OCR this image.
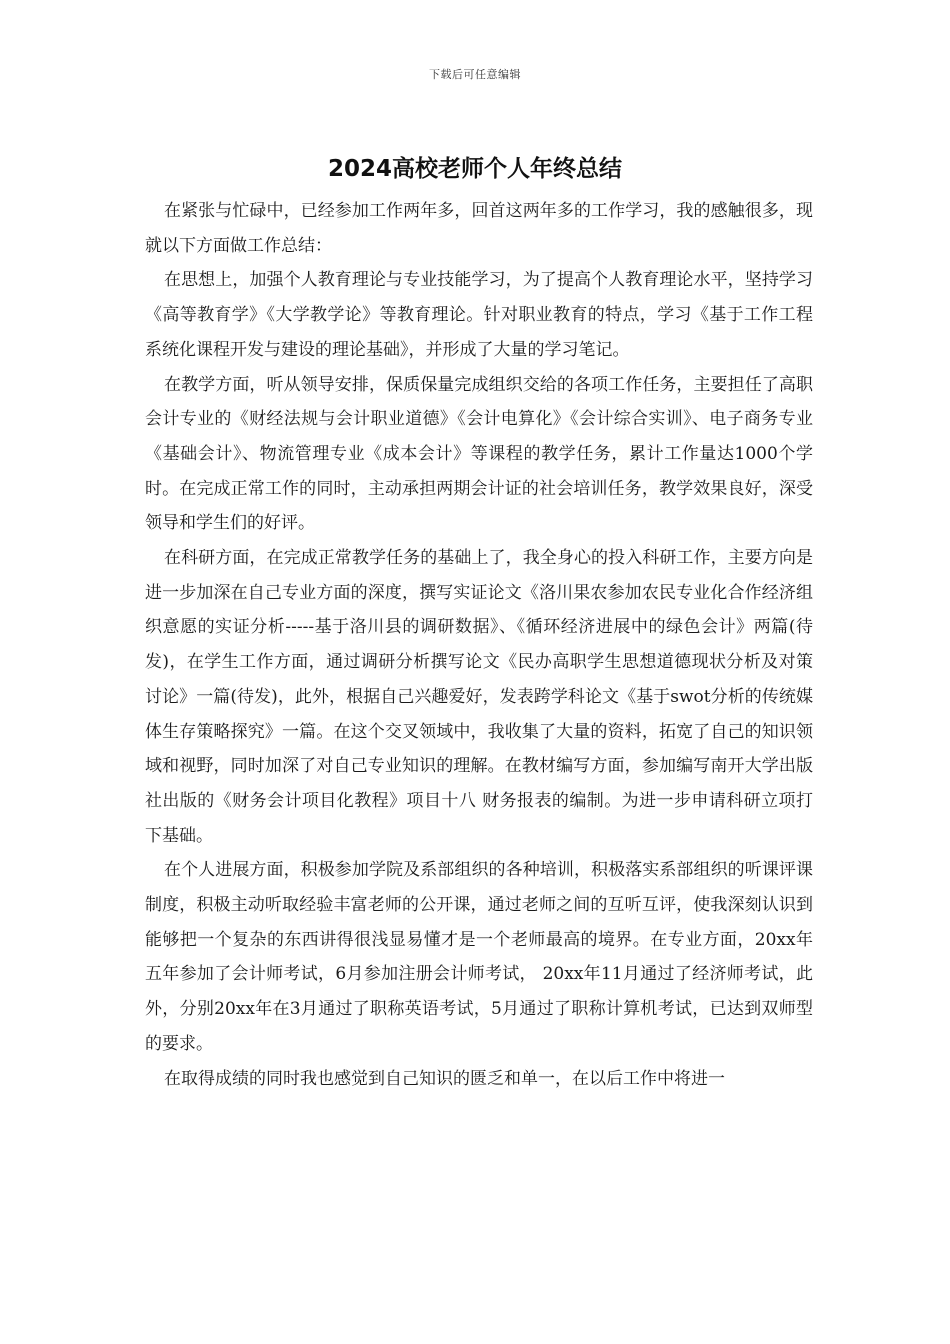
下载后可任意编辑
2024高校老师个人年终总结

在紧张与忙碌中，已经参加工作两年多，回首这两年多的工作学习，我的感触很多，现就以下方面做工作总结：

在思想上，加强个人教育理论与专业技能学习，为了提高个人教育理论水平，坚持学习《高等教育学》《大学教学论》等教育理论。针对职业教育的特点，学习《基于工作工程系统化课程开发与建设的理论基础》，并形成了大量的学习笔记。

在教学方面，听从领导安排，保质保量完成组织交给的各项工作任务，主要担任了高职会计专业的《财经法规与会计职业道德》《会计电算化》《会计综合实训》、电子商务专业《基础会计》、物流管理专业《成本会计》等课程的教学任务，累计工作量达1000个学时。在完成正常工作的同时，主动承担两期会计证的社会培训任务，教学效果良好，深受领导和学生们的好评。

在科研方面，在完成正常教学任务的基础上了，我全身心的投入科研工作，主要方向是进一步加深在自己专业方面的深度，撰写实证论文《洛川果农参加农民专业化合作经济组织意愿的实证分析-----基于洛川县的调研数据》、《循环经济进展中的绿色会计》两篇(待发)，在学生工作方面，通过调研分析撰写论文《民办高职学生思想道德现状分析及对策讨论》一篇(待发)，此外，根据自己兴趣爱好，发表跨学科论文《基于swot分析的传统媒体生存策略探究》一篇。在这个交叉领域中，我收集了大量的资料，拓宽了自己的知识领域和视野，同时加深了对自己专业知识的理解。在教材编写方面，参加编写南开大学出版社出版的《财务会计项目化教程》项目十八 财务报表的编制。为进一步申请科研立项打下基础。

在个人进展方面，积极参加学院及系部组织的各种培训，积极落实系部组织的听课评课制度，积极主动听取经验丰富老师的公开课，通过老师之间的互听互评，使我深刻认识到能够把一个复杂的东西讲得很浅显易懂才是一个老师最高的境界。在专业方面，20xx年五年参加了会计师考试，6月参加注册会计师考试， 20xx年11月通过了经济师考试，此外，分别20xx年在3月通过了职称英语考试，5月通过了职称计算机考试，已达到双师型的要求。

在取得成绩的同时我也感觉到自己知识的匮乏和单一，在以后工作中将进一
